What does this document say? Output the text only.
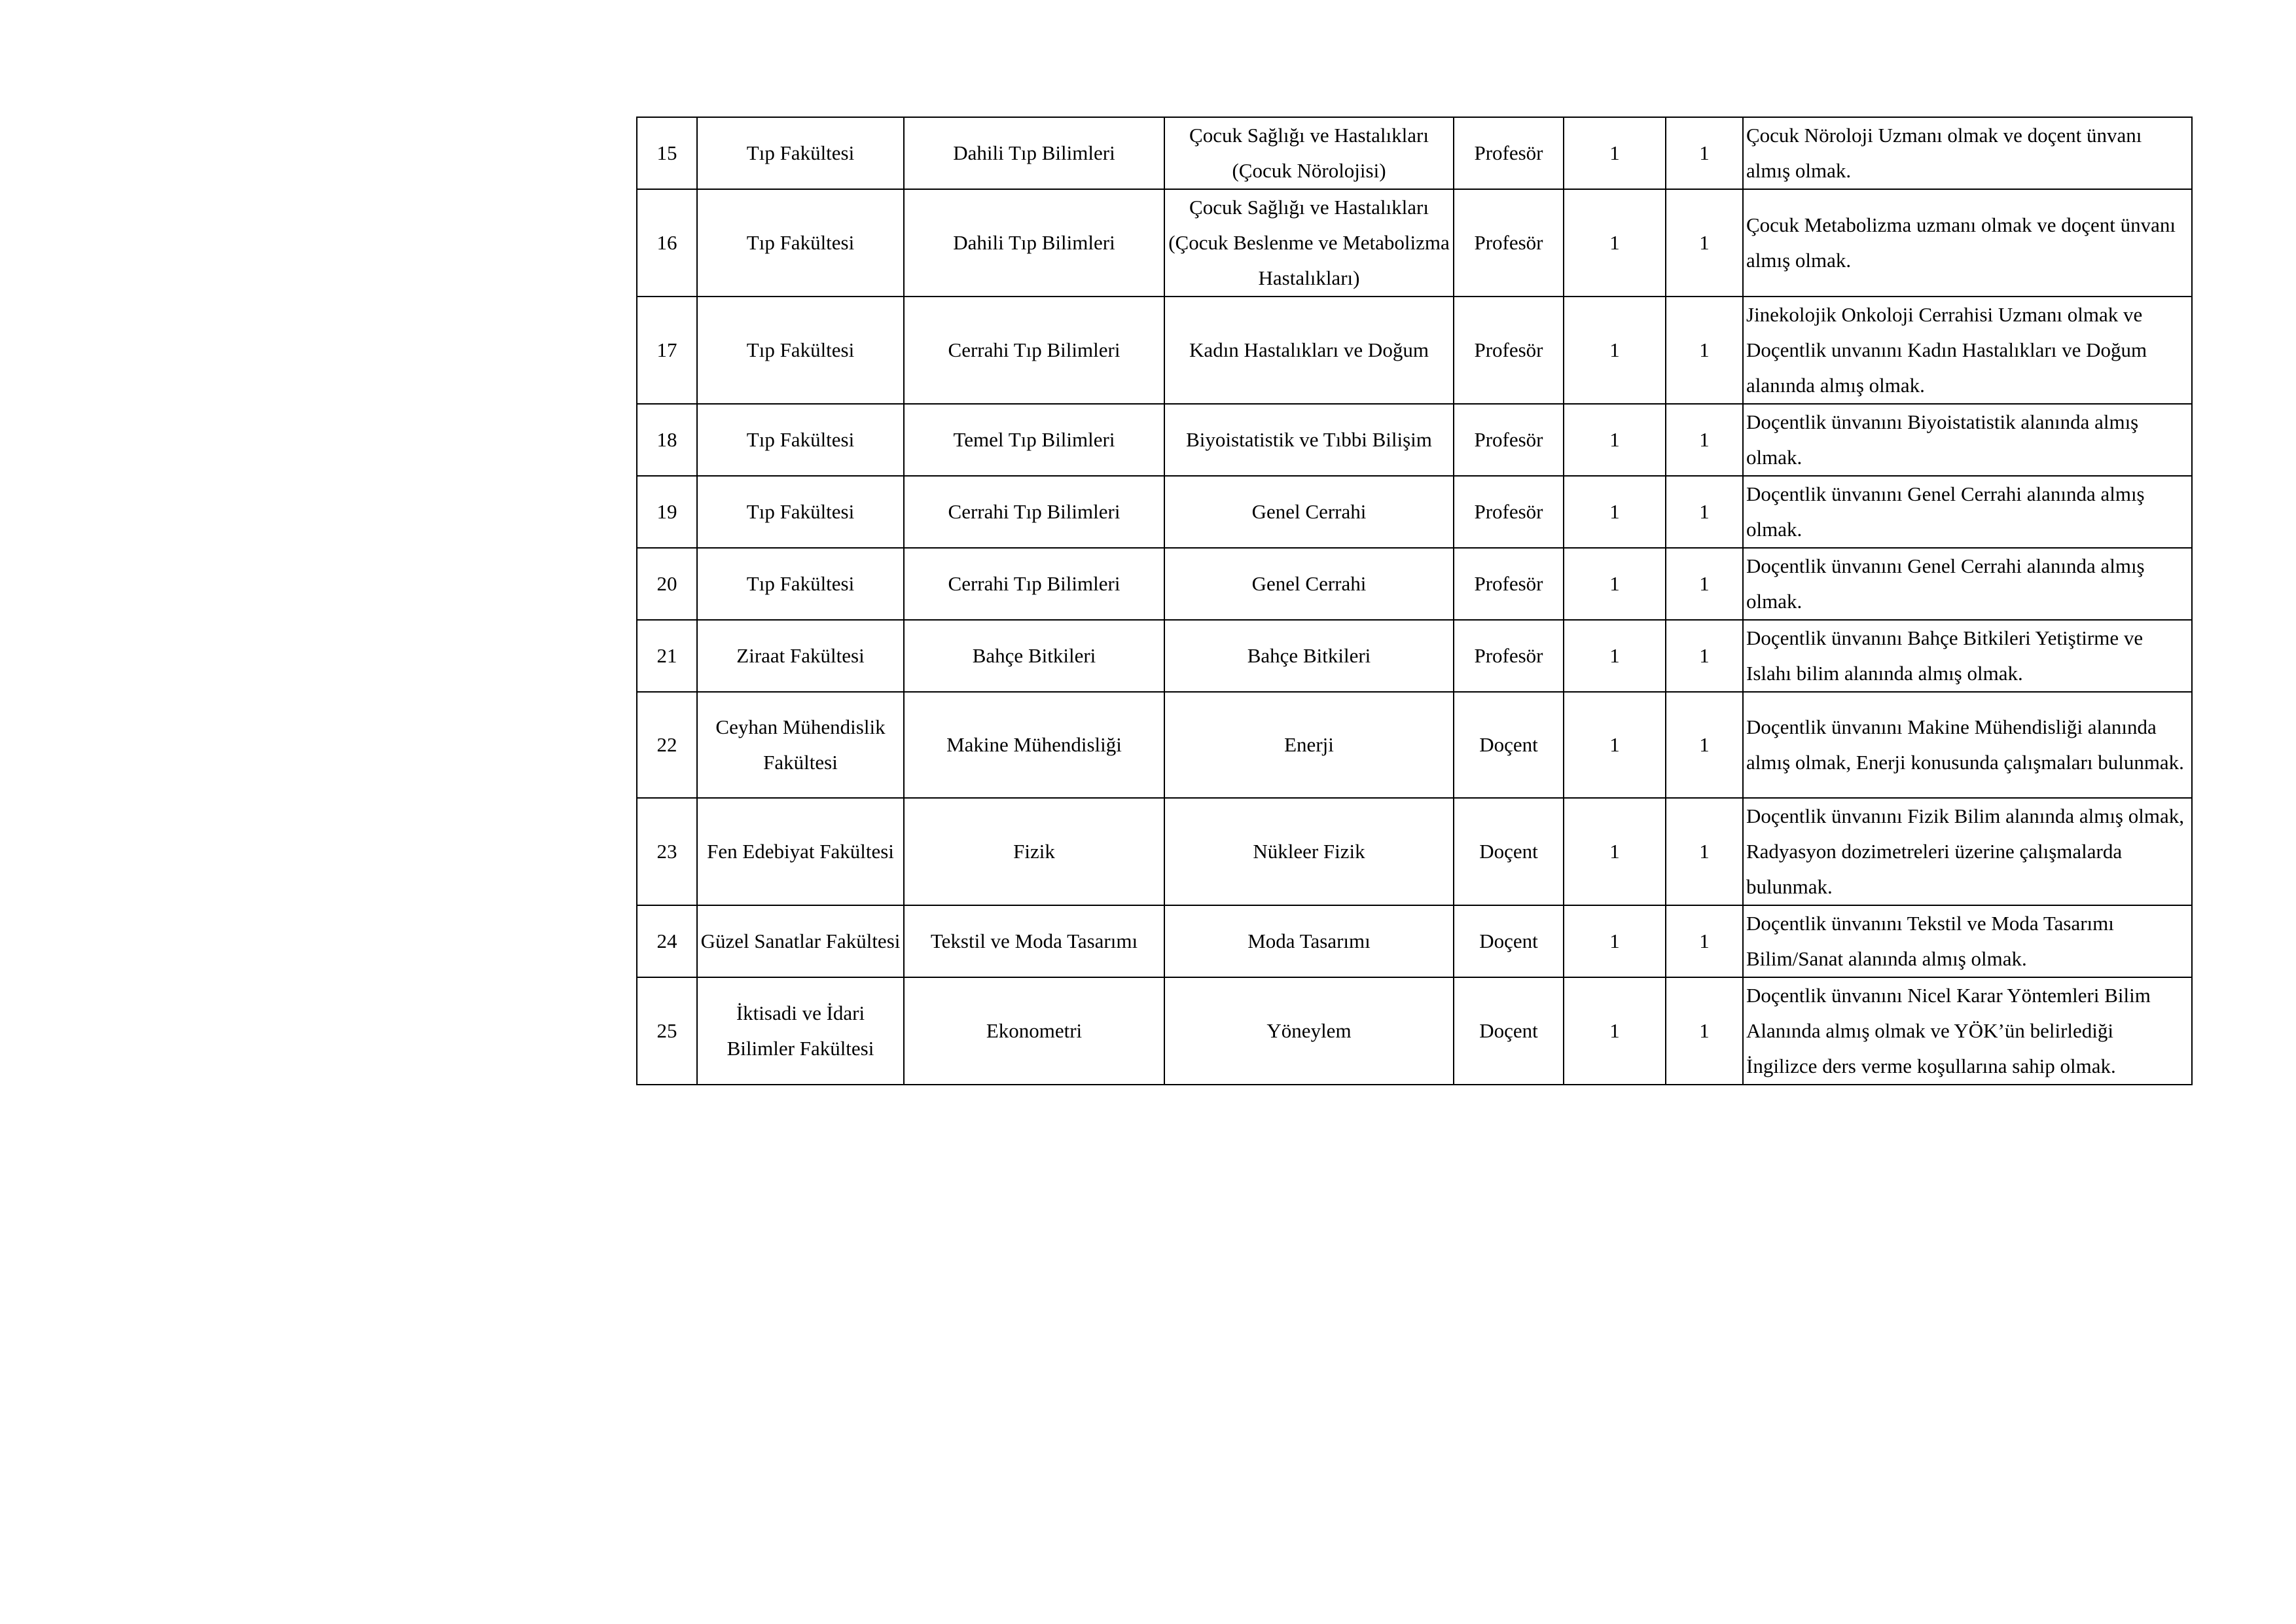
15	Tıp Fakültesi	Dahili Tıp Bilimleri	Çocuk Sağlığı ve Hastalıkları (Çocuk Nörolojisi)	Profesör	1	1	Çocuk Nöroloji Uzmanı olmak ve doçent ünvanı almış olmak.
16	Tıp Fakültesi	Dahili Tıp Bilimleri	Çocuk Sağlığı ve Hastalıkları (Çocuk Beslenme ve Metabolizma Hastalıkları)	Profesör	1	1	Çocuk Metabolizma uzmanı olmak ve doçent ünvanı almış olmak.
17	Tıp Fakültesi	Cerrahi Tıp Bilimleri	Kadın Hastalıkları ve Doğum	Profesör	1	1	Jinekolojik Onkoloji Cerrahisi Uzmanı olmak ve Doçentlik unvanını Kadın Hastalıkları ve Doğum alanında almış olmak.
18	Tıp Fakültesi	Temel Tıp Bilimleri	Biyoistatistik ve Tıbbi Bilişim	Profesör	1	1	Doçentlik ünvanını Biyoistatistik alanında almış olmak.
19	Tıp Fakültesi	Cerrahi Tıp Bilimleri	Genel Cerrahi	Profesör	1	1	Doçentlik ünvanını Genel Cerrahi alanında almış olmak.
20	Tıp Fakültesi	Cerrahi Tıp Bilimleri	Genel Cerrahi	Profesör	1	1	Doçentlik ünvanını Genel Cerrahi alanında almış olmak.
21	Ziraat Fakültesi	Bahçe Bitkileri	Bahçe Bitkileri	Profesör	1	1	Doçentlik ünvanını Bahçe Bitkileri Yetiştirme ve Islahı bilim alanında almış olmak.
22	Ceyhan Mühendislik Fakültesi	Makine Mühendisliği	Enerji	Doçent	1	1	Doçentlik ünvanını Makine Mühendisliği alanında almış olmak, Enerji konusunda çalışmaları bulunmak.
23	Fen Edebiyat Fakültesi	Fizik	Nükleer Fizik	Doçent	1	1	Doçentlik ünvanını Fizik Bilim alanında almış olmak, Radyasyon dozimetreleri üzerine çalışmalarda bulunmak.
24	Güzel Sanatlar Fakültesi	Tekstil ve Moda Tasarımı	Moda Tasarımı	Doçent	1	1	Doçentlik ünvanını Tekstil ve Moda Tasarımı Bilim/Sanat alanında almış olmak.
25	İktisadi ve İdari Bilimler Fakültesi	Ekonometri	Yöneylem	Doçent	1	1	Doçentlik ünvanını Nicel Karar Yöntemleri Bilim Alanında almış olmak ve YÖK’ün belirlediği İngilizce ders verme koşullarına sahip olmak.
